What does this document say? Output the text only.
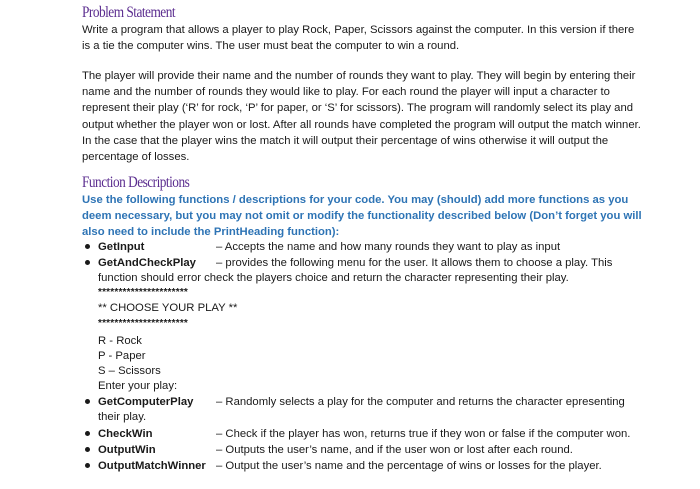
Problem Statement

Write a program that allows a player to play Rock, Paper, Scissors against the computer. In this version if there is a tie the computer wins. The user must beat the computer to win a round.

The player will provide their name and the number of rounds they want to play. They will begin by entering their name and the number of rounds they would like to play. For each round the player will input a character to represent their play (‘R’ for rock, ‘P’ for paper, or ‘S’ for scissors). The program will randomly select its play and output whether the player won or lost. After all rounds have completed the program will output the match winner. In the case that the player wins the match it will output their percentage of wins otherwise it will output the percentage of losses.

Function Descriptions

Use the following functions / descriptions for your code. You may (should) add more functions as you deem necessary, but you may not omit or modify the functionality described below (Don’t forget you will also need to include the PrintHeading function):

GetInput	– Accepts the name and how many rounds they want to play as input
GetAndCheckPlay – provides the following menu for the user. It allows them to choose a play. This
function should error check the players choice and return the character representing their play.
**********************
** CHOOSE YOUR PLAY **
**********************
R - Rock
P - Paper
S – Scissors
Enter your play:
GetComputerPlay – Randomly selects a play for the computer and returns the character epresenting
their play.
CheckWin	– Check if the player has won, returns true if they won or false if the computer won.
OutputWin	– Outputs the user’s name, and if the user won or lost after each round.
OutputMatchWinner – Output the user’s name and the percentage of wins or losses for the player.
